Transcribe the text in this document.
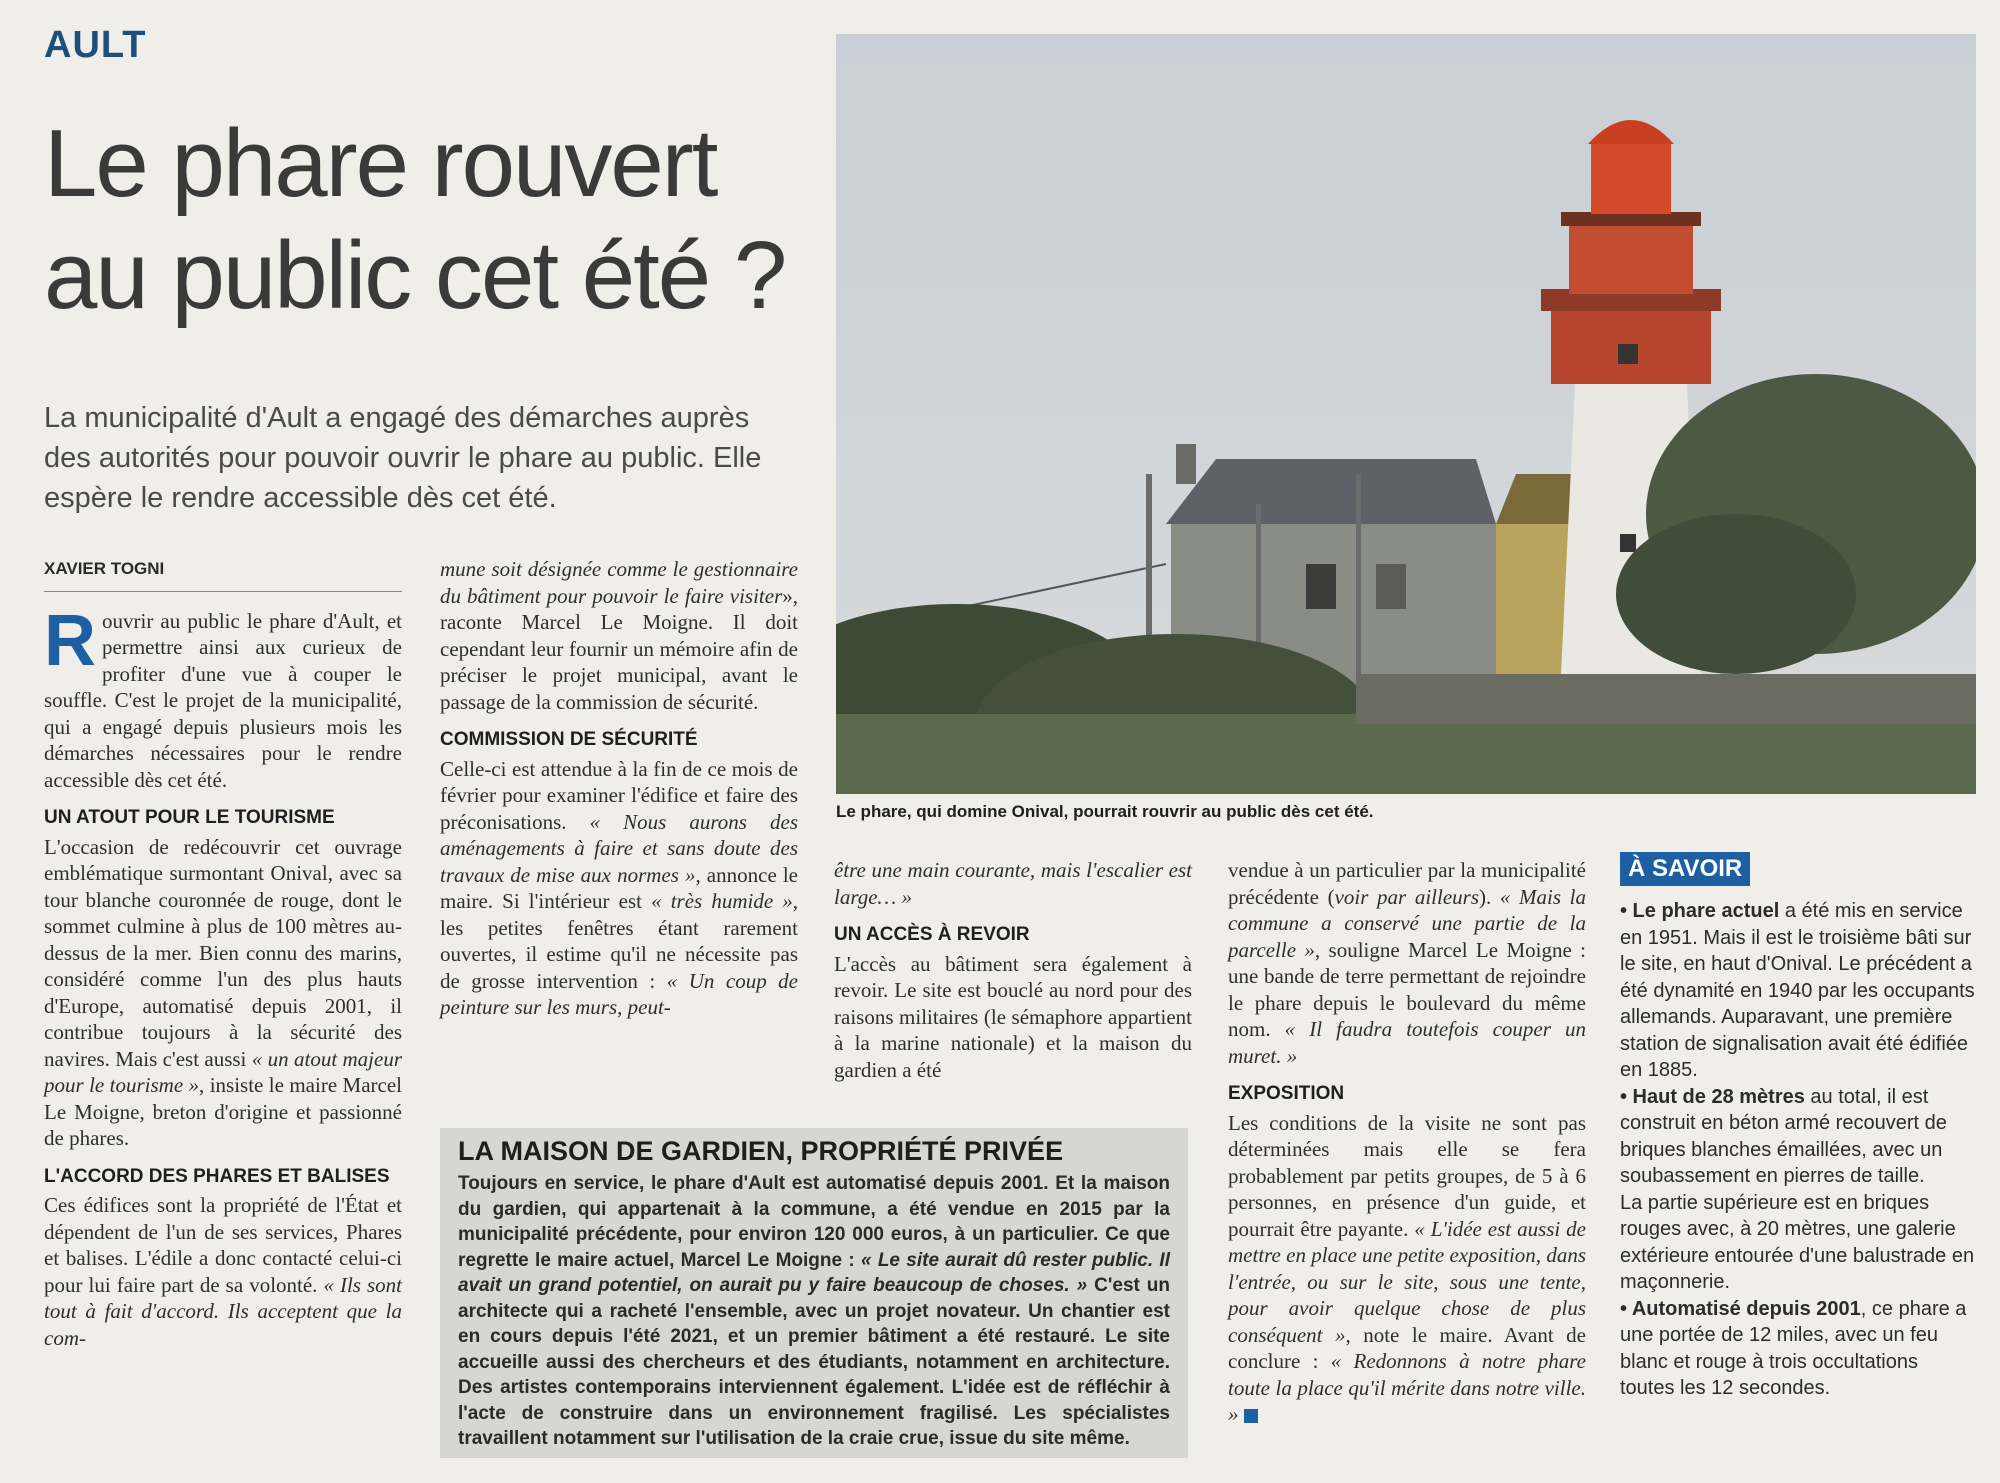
AULT
Le phare rouvert au public cet été ?
La municipalité d'Ault a engagé des démarches auprès des autorités pour pouvoir ouvrir le phare au public. Elle espère le rendre accessible dès cet été.
XAVIER TOGNI

Rouvrir au public le phare d'Ault, et permettre ainsi aux curieux de profiter d'une vue à couper le souffle. C'est le projet de la municipalité, qui a engagé depuis plusieurs mois les démarches nécessaires pour le rendre accessible dès cet été.

UN ATOUT POUR LE TOURISME

L'occasion de redécouvrir cet ouvrage emblématique surmontant Onival, avec sa tour blanche couronnée de rouge, dont le sommet culmine à plus de 100 mètres au-dessus de la mer. Bien connu des marins, considéré comme l'un des plus hauts d'Europe, automatisé depuis 2001, il contribue toujours à la sécurité des navires. Mais c'est aussi « un atout majeur pour le tourisme », insiste le maire Marcel Le Moigne, breton d'origine et passionné de phares.

L'ACCORD DES PHARES ET BALISES

Ces édifices sont la propriété de l'État et dépendent de l'un de ses services, Phares et balises. L'édile a donc contacté celui-ci pour lui faire part de sa volonté. « Ils sont tout à fait d'accord. Ils acceptent que la com-

mune soit désignée comme le gestionnaire du bâtiment pour pouvoir le faire visiter», raconte Marcel Le Moigne. Il doit cependant leur fournir un mémoire afin de préciser le projet municipal, avant le passage de la commission de sécurité.

COMMISSION DE SÉCURITÉ

Celle-ci est attendue à la fin de ce mois de février pour examiner l'édifice et faire des préconisations. « Nous aurons des aménagements à faire et sans doute des travaux de mise aux normes », annonce le maire. Si l'intérieur est « très humide », les petites fenêtres étant rarement ouvertes, il estime qu'il ne nécessite pas de grosse intervention : « Un coup de peinture sur les murs, peut-

Le phare, qui domine Onival, pourrait rouvrir au public dès cet été.

être une main courante, mais l'escalier est large… »

UN ACCÈS À REVOIR

L'accès au bâtiment sera également à revoir. Le site est bouclé au nord pour des raisons militaires (le sémaphore appartient à la marine nationale) et la maison du gardien a été

vendue à un particulier par la municipalité précédente (voir par ailleurs). « Mais la commune a conservé une partie de la parcelle », souligne Marcel Le Moigne : une bande de terre permettant de rejoindre le phare depuis le boulevard du même nom. « Il faudra toutefois couper un muret. »

EXPOSITION

Les conditions de la visite ne sont pas déterminées mais elle se fera probablement par petits groupes, de 5 à 6 personnes, en présence d'un guide, et pourrait être payante. « L'idée est aussi de mettre en place une petite exposition, dans l'entrée, ou sur le site, sous une tente, pour avoir quelque chose de plus conséquent », note le maire. Avant de conclure : « Redonnons à notre phare toute la place qu'il mérite dans notre ville. »

LA MAISON DE GARDIEN, PROPRIÉTÉ PRIVÉE

Toujours en service, le phare d'Ault est automatisé depuis 2001. Et la maison du gardien, qui appartenait à la commune, a été vendue en 2015 par la municipalité précédente, pour environ 120 000 euros, à un particulier. Ce que regrette le maire actuel, Marcel Le Moigne : « Le site aurait dû rester public. Il avait un grand potentiel, on aurait pu y faire beaucoup de choses. » C'est un architecte qui a racheté l'ensemble, avec un projet novateur. Un chantier est en cours depuis l'été 2021, et un premier bâtiment a été restauré. Le site accueille aussi des chercheurs et des étudiants, notamment en architecture. Des artistes contemporains interviennent également. L'idée est de réfléchir à l'acte de construire dans un environnement fragilisé. Les spécialistes travaillent notamment sur l'utilisation de la craie crue, issue du site même.

À SAVOIR

• Le phare actuel a été mis en service en 1951. Mais il est le troisième bâti sur le site, en haut d'Onival. Le précédent a été dynamité en 1940 par les occupants allemands. Auparavant, une première station de signalisation avait été édifiée en 1885.

• Haut de 28 mètres au total, il est construit en béton armé recouvert de briques blanches émaillées, avec un soubassement en pierres de taille.

La partie supérieure est en briques rouges avec, à 20 mètres, une galerie extérieure entourée d'une balustrade en maçonnerie.

• Automatisé depuis 2001, ce phare a une portée de 12 miles, avec un feu blanc et rouge à trois occultations toutes les 12 secondes.
